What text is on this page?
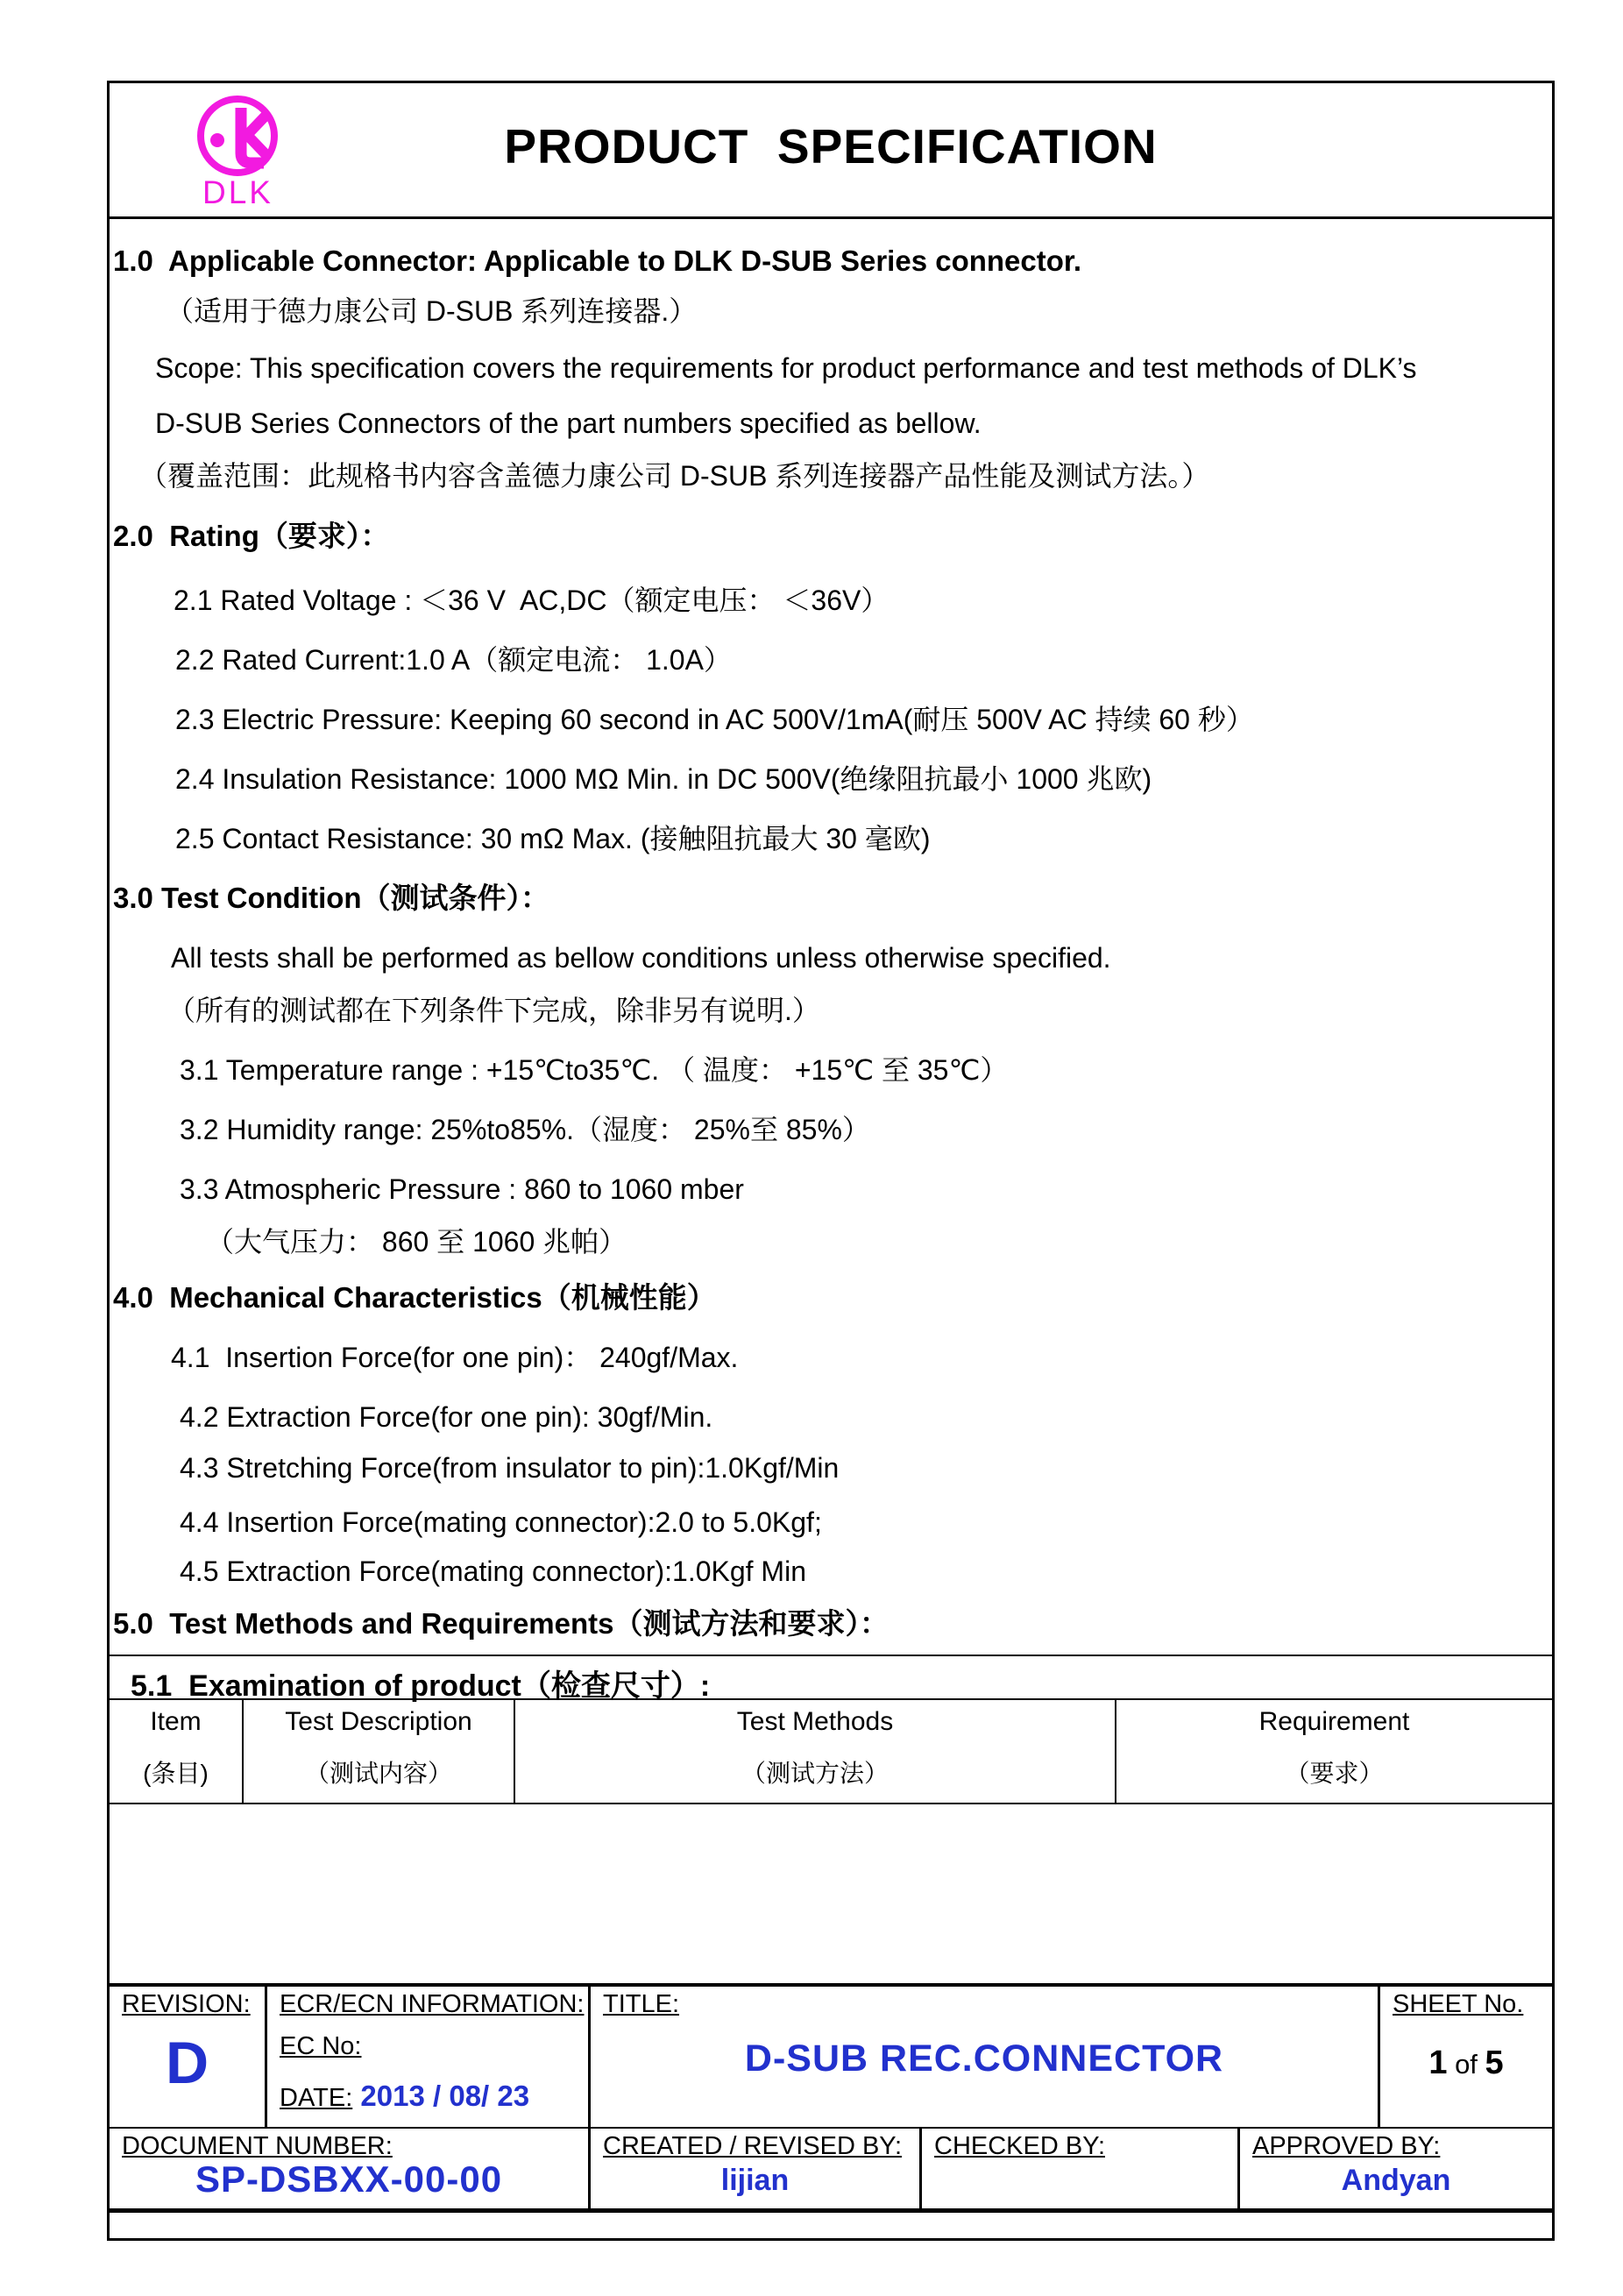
DLK
PRODUCT  SPECIFICATION
1.0  Applicable Connector: Applicable to DLK D-SUB Series connector.
（适用于德力康公司 D-SUB 系列连接器.）
Scope: This specification covers the requirements for product performance and test methods of DLK’s
D-SUB Series Connectors of the part numbers specified as bellow.
（覆盖范围：此规格书内容含盖德力康公司 D-SUB 系列连接器产品性能及测试方法。）
2.0  Rating（要求）：
2.1 Rated Voltage : ＜36 V  AC,DC（额定电压： ＜36V）
2.2 Rated Current:1.0 A（额定电流： 1.0A）
2.3 Electric Pressure: Keeping 60 second in AC 500V/1mA(耐压 500V AC 持续 60 秒）
2.4 Insulation Resistance: 1000 MΩ Min. in DC 500V(绝缘阻抗最小 1000 兆欧)
2.5 Contact Resistance: 30 mΩ Max. (接触阻抗最大 30 毫欧)
3.0 Test Condition（测试条件）：
All tests shall be performed as bellow conditions unless otherwise specified.
（所有的测试都在下列条件下完成，除非另有说明.）
3.1 Temperature range : +15℃to35℃. （ 温度： +15℃ 至 35℃）
3.2 Humidity range: 25%to85%.（湿度： 25%至 85%）
3.3 Atmospheric Pressure : 860 to 1060 mber
（大气压力： 860 至 1060 兆帕）
4.0  Mechanical Characteristics（机械性能）
4.1  Insertion Force(for one pin)： 240gf/Max.
4.2 Extraction Force(for one pin): 30gf/Min.
4.3 Stretching Force(from insulator to pin):1.0Kgf/Min
4.4 Insertion Force(mating connector):2.0 to 5.0Kgf;
4.5 Extraction Force(mating connector):1.0Kgf Min
5.0  Test Methods and Requirements（测试方法和要求）：
5.1  Examination of product（检查尺寸）:
Item
(条目)
Test Description
（测试内容）
Test Methods
（测试方法）
Requirement
（要求）
REVISION:
D
ECR/ECN INFORMATION:
EC No:
DATE: 2013 / 08/ 23
TITLE:
D-SUB REC.CONNECTOR
SHEET No.
1 of 5
DOCUMENT NUMBER:
SP-DSBXX-00-00
CREATED / REVISED BY:
lijian
CHECKED BY:	APPROVED BY:
Andyan
